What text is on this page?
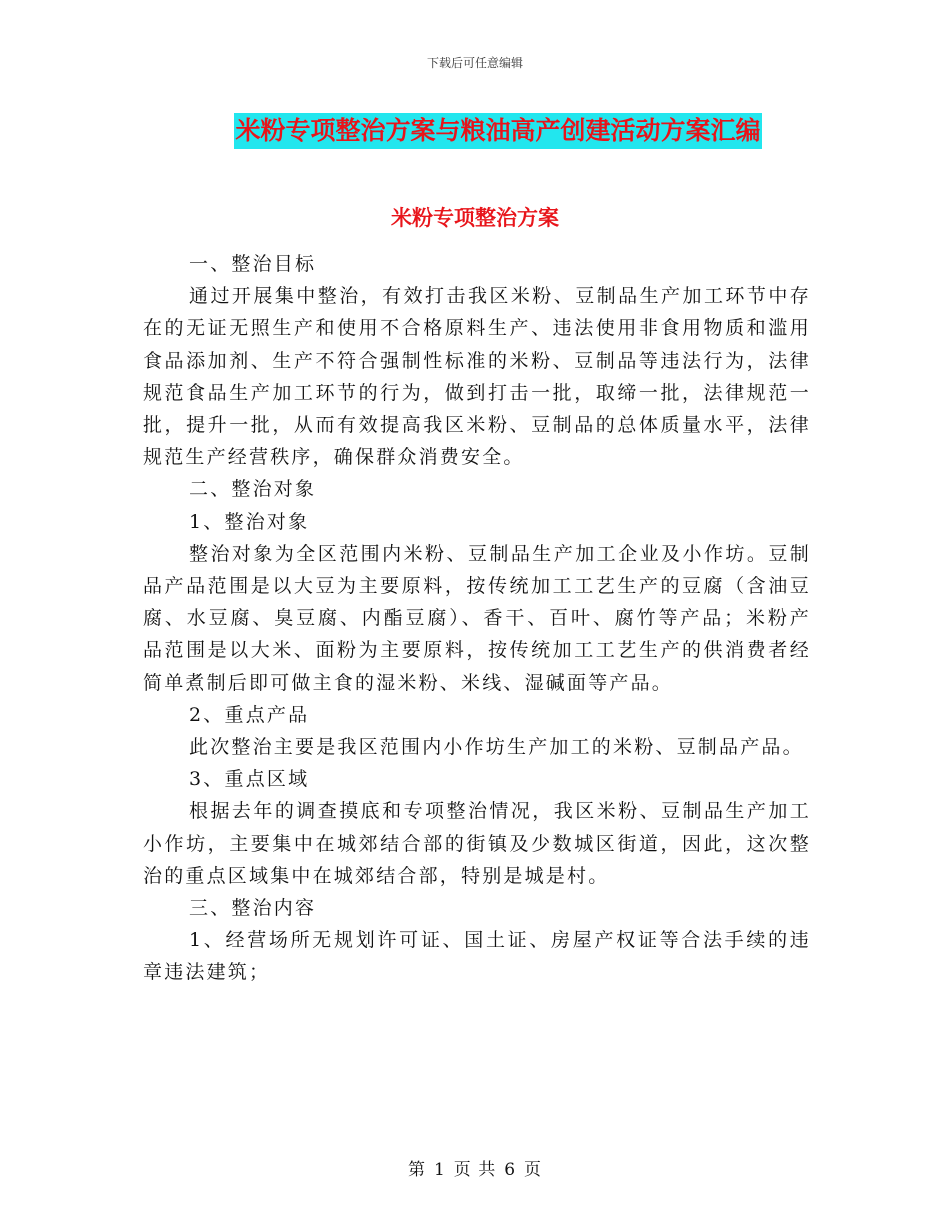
下载后可任意编辑
米粉专项整治方案与粮油高产创建活动方案汇编
米粉专项整治方案

一、整治目标

通过开展集中整治，有效打击我区米粉、豆制品生产加工环节中存在的无证无照生产和使用不合格原料生产、违法使用非食用物质和滥用食品添加剂、生产不符合强制性标准的米粉、豆制品等违法行为，法律规范食品生产加工环节的行为，做到打击一批，取缔一批，法律规范一批，提升一批，从而有效提高我区米粉、豆制品的总体质量水平，法律规范生产经营秩序，确保群众消费安全。

二、整治对象

1、整治对象

整治对象为全区范围内米粉、豆制品生产加工企业及小作坊。豆制品产品范围是以大豆为主要原料，按传统加工工艺生产的豆腐（含油豆腐、水豆腐、臭豆腐、内酯豆腐）、香干、百叶、腐竹等产品；米粉产品范围是以大米、面粉为主要原料，按传统加工工艺生产的供消费者经简单煮制后即可做主食的湿米粉、米线、湿碱面等产品。

2、重点产品

此次整治主要是我区范围内小作坊生产加工的米粉、豆制品产品。

3、重点区域

根据去年的调查摸底和专项整治情况，我区米粉、豆制品生产加工小作坊，主要集中在城郊结合部的街镇及少数城区街道，因此，这次整治的重点区域集中在城郊结合部，特别是城是村。

三、整治内容

1、经营场所无规划许可证、国土证、房屋产权证等合法手续的违章违法建筑；

第 1 页 共 6 页
